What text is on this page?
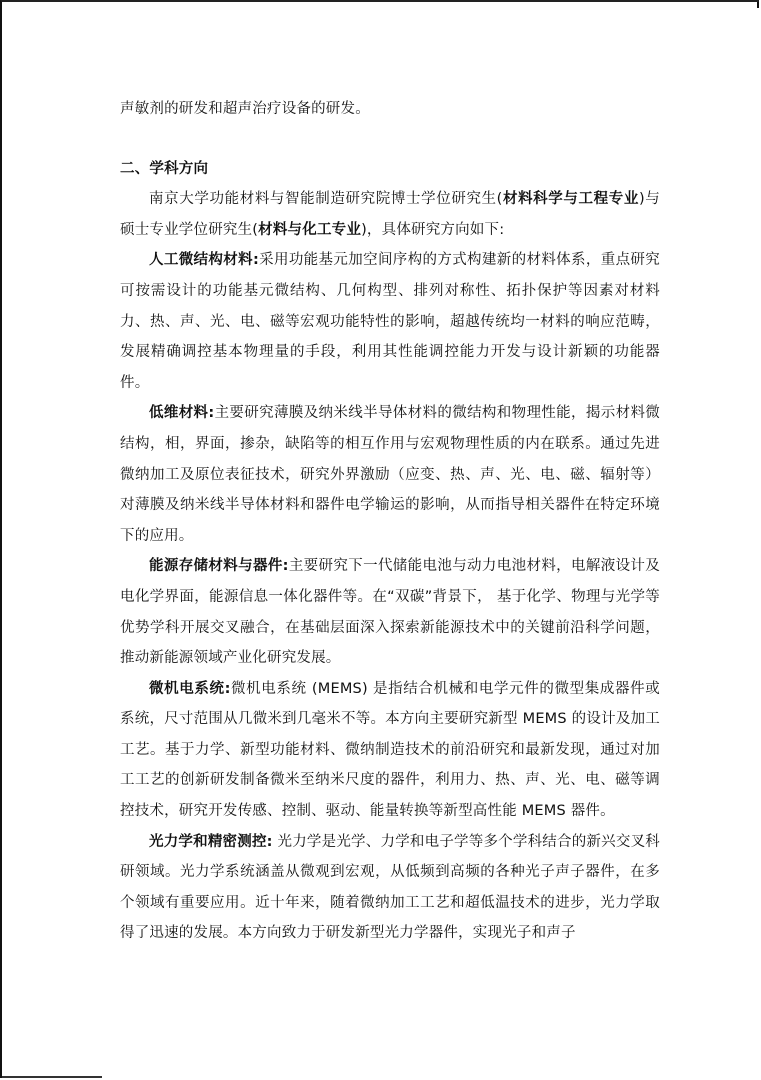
声敏剂的研发和超声治疗设备的研发。

二、学科方向

南京大学功能材料与智能制造研究院博士学位研究生(材料科学与工程专业)与硕士专业学位研究生(材料与化工专业)，具体研究方向如下:

人工微结构材料:采用功能基元加空间序构的方式构建新的材料体系，重点研究可按需设计的功能基元微结构、几何构型、排列对称性、拓扑保护等因素对材料力、热、声、光、电、磁等宏观功能特性的影响，超越传统均一材料的响应范畴，发展精确调控基本物理量的手段，利用其性能调控能力开发与设计新颖的功能器件。

低维材料:主要研究薄膜及纳米线半导体材料的微结构和物理性能，揭示材料微结构，相，界面，掺杂，缺陷等的相互作用与宏观物理性质的内在联系。通过先进微纳加工及原位表征技术，研究外界激励（应变、热、声、光、电、磁、辐射等）对薄膜及纳米线半导体材料和器件电学输运的影响，从而指导相关器件在特定环境下的应用。

能源存储材料与器件:主要研究下一代储能电池与动力电池材料，电解液设计及电化学界面，能源信息一体化器件等。在“双碳”背景下， 基于化学、物理与光学等优势学科开展交叉融合，在基础层面深入探索新能源技术中的关键前沿科学问题，推动新能源领域产业化研究发展。

微机电系统:微机电系统 (MEMS) 是指结合机械和电学元件的微型集成器件或系统，尺寸范围从几微米到几毫米不等。本方向主要研究新型 MEMS 的设计及加工工艺。基于力学、新型功能材料、微纳制造技术的前沿研究和最新发现，通过对加工工艺的创新研发制备微米至纳米尺度的器件，利用力、热、声、光、电、磁等调控技术，研究开发传感、控制、驱动、能量转换等新型高性能 MEMS 器件。

光力学和精密测控: 光力学是光学、力学和电子学等多个学科结合的新兴交叉科研领域。光力学系统涵盖从微观到宏观，从低频到高频的各种光子声子器件，在多个领域有重要应用。近十年来，随着微纳加工工艺和超低温技术的进步，光力学取得了迅速的发展。本方向致力于研发新型光力学器件，实现光子和声子
